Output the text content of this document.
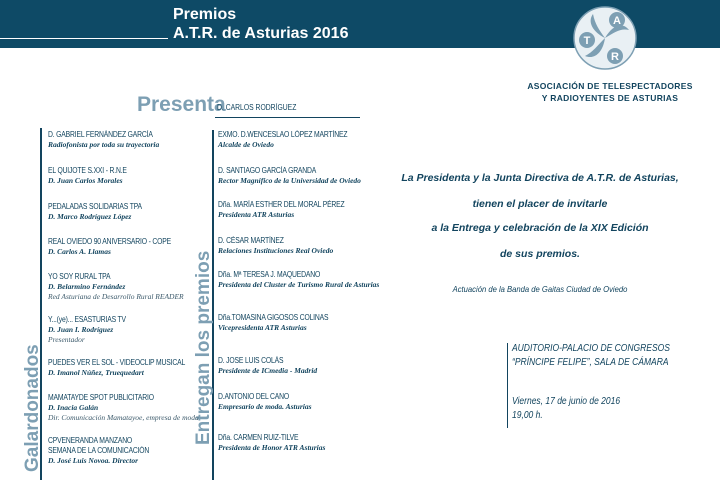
Premios
A.T.R. de Asturias 2016
A
T
R
ASOCIACIÓN DE TELESPECTADORES
Y RADIOYENTES DE ASTURIAS
Presenta
D. CARLOS RODRÍGUEZ
Galardonados	Entregan los premios
D. GABRIEL FERNÁNDEZ GARCÍA
Radiofonista por toda su trayectoria
EL QUIJOTE S.XXI - R.N.E
D. Juan Carlos Morales
PEDALADAS SOLIDARIAS TPA
D. Marco Rodríguez López
REAL OVIEDO 90 ANIVERSARIO - COPE
D. Carlos A. Llamas
YO SOY RURAL TPA
D. Belarmino Fernández
Red Asturiana de Desarrollo Rural READER
Y...(ye)... ESASTURIAS TV
D. Juan I. Rodríguez
Presentador
PUEDES VER EL SOL - VIDEOCLIP MUSICAL
D. Imanol Núñez, Truequedart
MAMATAYDE SPOT PUBLICITARIO
D. Inacia Galán
Dir. Comunicación Mamatayoe, empresa de moda
CPVENERANDA MANZANO
SEMANA DE LA COMUNICACIÓN
D. José Luis Novoa. Director
EXMO. D.WENCESLAO LÓPEZ MARTÍNEZ
Alcalde de Oviedo
D. SANTIAGO GARCÍA GRANDA
Rector Magnífico de la Universidad de Oviedo
Dña. MARÍA ESTHER DEL MORAL PÉREZ
Presidenta ATR Asturias
D. CÉSAR MARTÍNEZ
Relaciones Instituciones Real Oviedo
Dña. Mª TERESA J. MAQUEDANO
Presidenta del Cluster de Turismo Rural de Asturias
Dña.TOMASINA GIGOSOS COLINAS
Vicepresidenta ATR Asturias
D. JOSE LUIS COLÁS
Presidente de ICmedia - Madrid
D.ANTONIO DEL CANO
Empresario de moda. Asturias
Dña. CARMEN RUIZ-TILVE
Presidenta de Honor ATR Asturias
La Presidenta y la Junta Directiva de A.T.R. de Asturias,
tienen el placer de invitarle
a la Entrega y celebración de la XIX Edición
de sus premios.
Actuación de la Banda de Gaitas Ciudad de Oviedo
AUDITORIO-PALACIO DE CONGRESOS
“PRÍNCIPE FELIPE”, SALA DE CÁMARA
Viernes, 17 de junio de 2016
19,00 h.
